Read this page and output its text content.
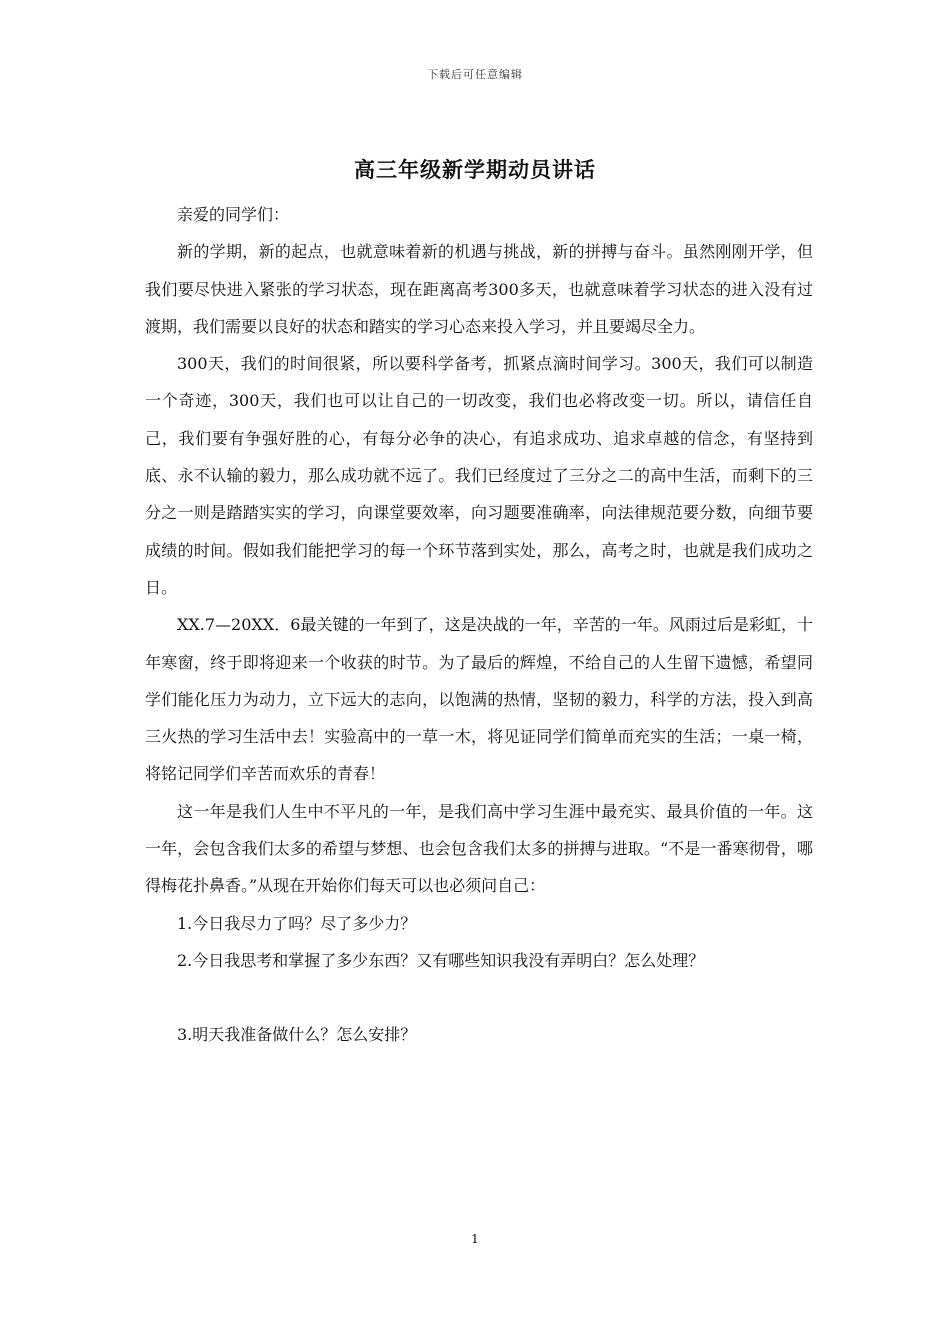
下载后可任意编辑
高三年级新学期动员讲话

亲爱的同学们：

新的学期，新的起点，也就意味着新的机遇与挑战，新的拼搏与奋斗。虽然刚刚开学，但我们要尽快进入紧张的学习状态，现在距离高考300多天，也就意味着学习状态的进入没有过渡期，我们需要以良好的状态和踏实的学习心态来投入学习，并且要竭尽全力。

300天，我们的时间很紧，所以要科学备考，抓紧点滴时间学习。300天，我们可以制造一个奇迹，300天，我们也可以让自己的一切改变，我们也必将改变一切。所以，请信任自己，我们要有争强好胜的心，有每分必争的决心，有追求成功、追求卓越的信念，有坚持到底、永不认输的毅力，那么成功就不远了。我们已经度过了三分之二的高中生活，而剩下的三分之一则是踏踏实实的学习，向课堂要效率，向习题要准确率，向法律规范要分数，向细节要成绩的时间。假如我们能把学习的每一个环节落到实处，那么，高考之时，也就是我们成功之日。

XX.7—20XX．6最关键的一年到了，这是决战的一年，辛苦的一年。风雨过后是彩虹，十年寒窗，终于即将迎来一个收获的时节。为了最后的辉煌，不给自己的人生留下遗憾，希望同学们能化压力为动力，立下远大的志向，以饱满的热情，坚韧的毅力，科学的方法，投入到高三火热的学习生活中去！实验高中的一草一木，将见证同学们简单而充实的生活；一桌一椅，将铭记同学们辛苦而欢乐的青春！

这一年是我们人生中不平凡的一年，是我们高中学习生涯中最充实、最具价值的一年。这一年，会包含我们太多的希望与梦想、也会包含我们太多的拼搏与进取。“不是一番寒彻骨，哪得梅花扑鼻香。”从现在开始你们每天可以也必须问自己：

1.今日我尽力了吗？尽了多少力？

2.今日我思考和掌握了多少东西？又有哪些知识我没有弄明白？怎么处理？

3.明天我准备做什么？怎么安排？

1
